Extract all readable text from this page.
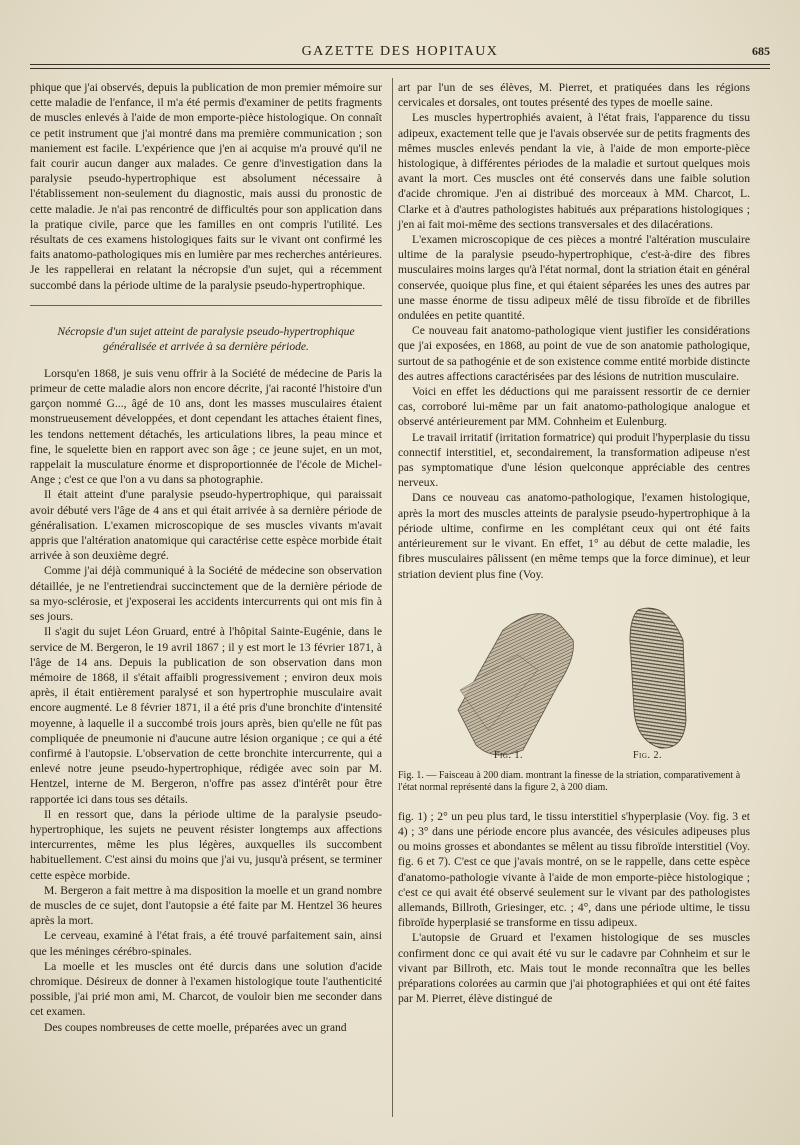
GAZETTE DES HOPITAUX	685

phique que j'ai observés, depuis la publication de mon premier mémoire sur cette maladie de l'enfance, il m'a été permis d'examiner de petits fragments de muscles enlevés à l'aide de mon emporte-pièce histologique. On connaît ce petit instrument que j'ai montré dans ma première communication ; son maniement est facile. L'expérience que j'en ai acquise m'a prouvé qu'il ne fait courir aucun danger aux malades. Ce genre d'investigation dans la paralysie pseudo-hypertrophique est absolument nécessaire à l'établissement non-seulement du diagnostic, mais aussi du pronostic de cette maladie. Je n'ai pas rencontré de difficultés pour son application dans la pratique civile, parce que les familles en ont compris l'utilité. Les résultats de ces examens histologiques faits sur le vivant ont confirmé les faits anatomo-pathologiques mis en lumière par mes recherches antérieures. Je les rappellerai en relatant la nécropsie d'un sujet, qui a récemment succombé dans la période ultime de la paralysie pseudo-hypertrophique.

Nécropsie d'un sujet atteint de paralysie pseudo-hypertrophique généralisée et arrivée à sa dernière période.

Lorsqu'en 1868, je suis venu offrir à la Société de médecine de Paris la primeur de cette maladie alors non encore décrite, j'ai raconté l'histoire d'un garçon nommé G..., âgé de 10 ans, dont les masses musculaires étaient monstrueusement développées, et dont cependant les attaches étaient fines, les tendons nettement détachés, les articulations libres, la peau mince et fine, le squelette bien en rapport avec son âge ; ce jeune sujet, en un mot, rappelait la musculature énorme et disproportionnée de l'école de Michel-Ange ; c'est ce que l'on a vu dans sa photographie.

Il était atteint d'une paralysie pseudo-hypertrophique, qui paraissait avoir débuté vers l'âge de 4 ans et qui était arrivée à sa dernière période de généralisation. L'examen microscopique de ses muscles vivants m'avait appris que l'altération anatomique qui caractérise cette espèce morbide était arrivée à son deuxième degré.

Comme j'ai déjà communiqué à la Société de médecine son observation détaillée, je ne l'entretiendrai succinctement que de la dernière période de sa myo-sclérosie, et j'exposerai les accidents intercurrents qui ont mis fin à ses jours.

Il s'agit du sujet Léon Gruard, entré à l'hôpital Sainte-Eugénie, dans le service de M. Bergeron, le 19 avril 1867 ; il y est mort le 13 février 1871, à l'âge de 14 ans. Depuis la publication de son observation dans mon mémoire de 1868, il s'était affaibli progressivement ; environ deux mois après, il était entièrement paralysé et son hypertrophie musculaire avait encore augmenté. Le 8 février 1871, il a été pris d'une bronchite d'intensité moyenne, à laquelle il a succombé trois jours après, bien qu'elle ne fût pas compliquée de pneumonie ni d'aucune autre lésion organique ; ce qui a été confirmé à l'autopsie. L'observation de cette bronchite intercurrente, qui a enlevé notre jeune pseudo-hypertrophique, rédigée avec soin par M. Hentzel, interne de M. Bergeron, n'offre pas assez d'intérêt pour être rapportée ici dans tous ses détails.

Il en ressort que, dans la période ultime de la paralysie pseudo-hypertrophique, les sujets ne peuvent résister longtemps aux affections intercurrentes, même les plus légères, auxquelles ils succombent habituellement. C'est ainsi du moins que j'ai vu, jusqu'à présent, se terminer cette espèce morbide.

M. Bergeron a fait mettre à ma disposition la moelle et un grand nombre de muscles de ce sujet, dont l'autopsie a été faite par M. Hentzel 36 heures après la mort.

Le cerveau, examiné à l'état frais, a été trouvé parfaitement sain, ainsi que les méninges cérébro-spinales.

La moelle et les muscles ont été durcis dans une solution d'acide chromique. Désireux de donner à l'examen histologique toute l'authenticité possible, j'ai prié mon ami, M. Charcot, de vouloir bien me seconder dans cet examen.

Des coupes nombreuses de cette moelle, préparées avec un grand

art par l'un de ses élèves, M. Pierret, et pratiquées dans les régions cervicales et dorsales, ont toutes présenté des types de moelle saine.

Les muscles hypertrophiés avaient, à l'état frais, l'apparence du tissu adipeux, exactement telle que je l'avais observée sur de petits fragments des mêmes muscles enlevés pendant la vie, à l'aide de mon emporte-pièce histologique, à différentes périodes de la maladie et surtout quelques mois avant la mort. Ces muscles ont été conservés dans une faible solution d'acide chromique. J'en ai distribué des morceaux à MM. Charcot, L. Clarke et à d'autres pathologistes habitués aux préparations histologiques ; j'en ai fait moi-même des sections transversales et des dilacérations.

L'examen microscopique de ces pièces a montré l'altération musculaire ultime de la paralysie pseudo-hypertrophique, c'est-à-dire des fibres musculaires moins larges qu'à l'état normal, dont la striation était en général conservée, quoique plus fine, et qui étaient séparées les unes des autres par une masse énorme de tissu adipeux mêlé de tissu fibroïde et de fibrilles ondulées en petite quantité.

Ce nouveau fait anatomo-pathologique vient justifier les considérations que j'ai exposées, en 1868, au point de vue de son anatomie pathologique, surtout de sa pathogénie et de son existence comme entité morbide distincte des autres affections caractérisées par des lésions de nutrition musculaire.

Voici en effet les déductions qui me paraissent ressortir de ce dernier cas, corroboré lui-même par un fait anatomo-pathologique analogue et observé antérieurement par MM. Cohnheim et Eulenburg.

Le travail irritatif (irritation formatrice) qui produit l'hyperplasie du tissu connectif interstitiel, et, secondairement, la transformation adipeuse n'est pas symptomatique d'une lésion quelconque appréciable des centres nerveux.

Dans ce nouveau cas anatomo-pathologique, l'examen histologique, après la mort des muscles atteints de paralysie pseudo-hypertrophique à la période ultime, confirme en les complétant ceux qui ont été faits antérieurement sur le vivant. En effet, 1° au début de cette maladie, les fibres musculaires pâlissent (en même temps que la force diminue), et leur striation devient plus fine (Voy.

Fig. 1.	Fig. 2.
Fig. 1. — Faisceau à 200 diam. montrant la finesse de la striation, comparativement à l'état normal représenté dans la figure 2, à 200 diam.

fig. 1) ; 2° un peu plus tard, le tissu interstitiel s'hyperplasie (Voy. fig. 3 et 4) ; 3° dans une période encore plus avancée, des vésicules adipeuses plus ou moins grosses et abondantes se mêlent au tissu fibroïde interstitiel (Voy. fig. 6 et 7). C'est ce que j'avais montré, on se le rappelle, dans cette espèce d'anatomo-pathologie vivante à l'aide de mon emporte-pièce histologique ; c'est ce qui avait été observé seulement sur le vivant par des pathologistes allemands, Billroth, Griesinger, etc. ; 4°, dans une période ultime, le tissu fibroïde hyperplasié se transforme en tissu adipeux.

L'autopsie de Gruard et l'examen histologique de ses muscles confirment donc ce qui avait été vu sur le cadavre par Cohnheim et sur le vivant par Billroth, etc. Mais tout le monde reconnaîtra que les belles préparations colorées au carmin que j'ai photographiées et qui ont été faites par M. Pierret, élève distingué de
